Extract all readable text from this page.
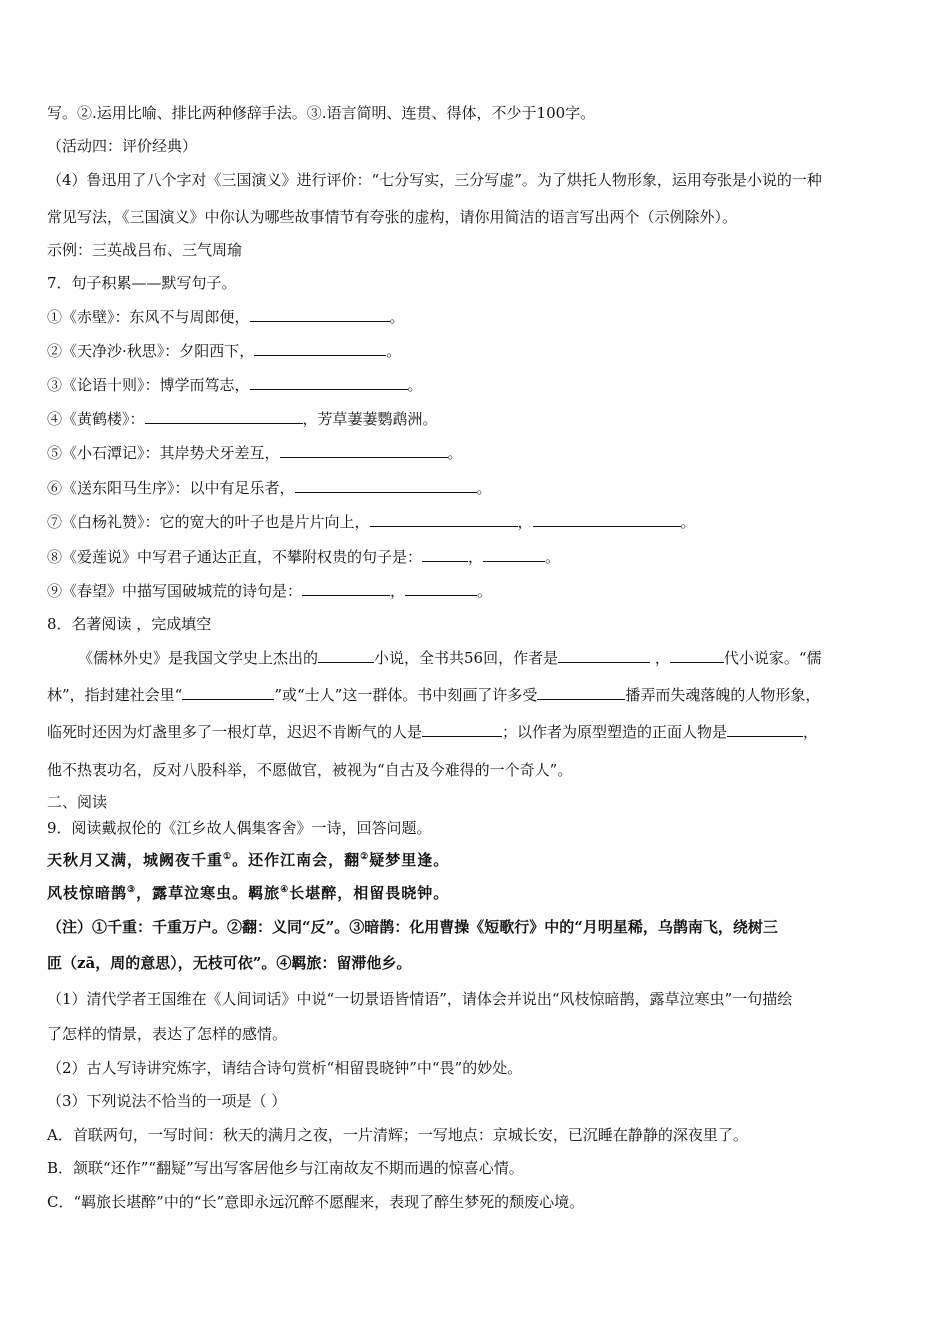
写。②.运用比喻、排比两种修辞手法。③.语言简明、连贯、得体，不少于100字。
（活动四：评价经典）
（4）鲁迅用了八个字对《三国演义》进行评价：“七分写实，三分写虚”。为了烘托人物形象，运用夸张是小说的一种
常见写法，《三国演义》中你认为哪些故事情节有夸张的虚构，请你用简洁的语言写出两个（示例除外）。
示例：三英战吕布、三气周瑜
7．句子积累——默写句子。
①《赤壁》：东风不与周郎便，	。
②《天净沙·秋思》：夕阳西下，	。
③《论语十则》：博学而笃志，	。
④《黄鹤楼》：	，芳草萋萋鹦鹉洲。
⑤《小石潭记》：其岸势犬牙差互，	。
⑥《送东阳马生序》：以中有足乐者，	。
⑦《白杨礼赞》：它的宽大的叶子也是片片向上，	，	。
⑧《爱莲说》中写君子通达正直，不攀附权贵的句子是：	，	。
⑨《春望》中描写国破城荒的诗句是：	，	。
8．名著阅读 ，完成填空
《儒林外史》是我国文学史上杰出的	小说，全书共56回，作者是	，	代小说家。“儒
林”，指封建社会里“	”或“士人”这一群体。书中刻画了许多受	播弄而失魂落魄的人物形象，
临死时还因为灯盏里多了一根灯草，迟迟不肯断气的人是	；以作者为原型塑造的正面人物是	，
他不热衷功名，反对八股科举，不愿做官，被视为“自古及今难得的一个奇人”。
二、阅读
9．阅读戴叔伦的《江乡故人偶集客舍》一诗，回答问题。
天秋月又满，城阙夜千重①。还作江南会，翻②疑梦里逢。
风枝惊暗鹊③，露草泣寒虫。羁旅④长堪醉，相留畏晓钟。
（注）①千重：千重万户。②翻：义同“反”。③暗鹊：化用曹操《短歌行》中的“月明星稀，乌鹊南飞，绕树三
匝（zā，周的意思），无枝可依”。④羁旅：留滞他乡。
（1）清代学者王国维在《人间词话》中说“一切景语皆情语”，请体会并说出“风枝惊暗鹊，露草泣寒虫”一句描绘
了怎样的情景，表达了怎样的感情。
（2）古人写诗讲究炼字，请结合诗句赏析“相留畏晓钟”中“畏”的妙处。
（3）下列说法不恰当的一项是（ ）
A．首联两句，一写时间：秋天的满月之夜，一片清辉；一写地点：京城长安，已沉睡在静静的深夜里了。
B．颔联“还作”“翻疑”写出写客居他乡与江南故友不期而遇的惊喜心情。
C．“羁旅长堪醉”中的“长”意即永远沉醉不愿醒来，表现了醉生梦死的颓废心境。
